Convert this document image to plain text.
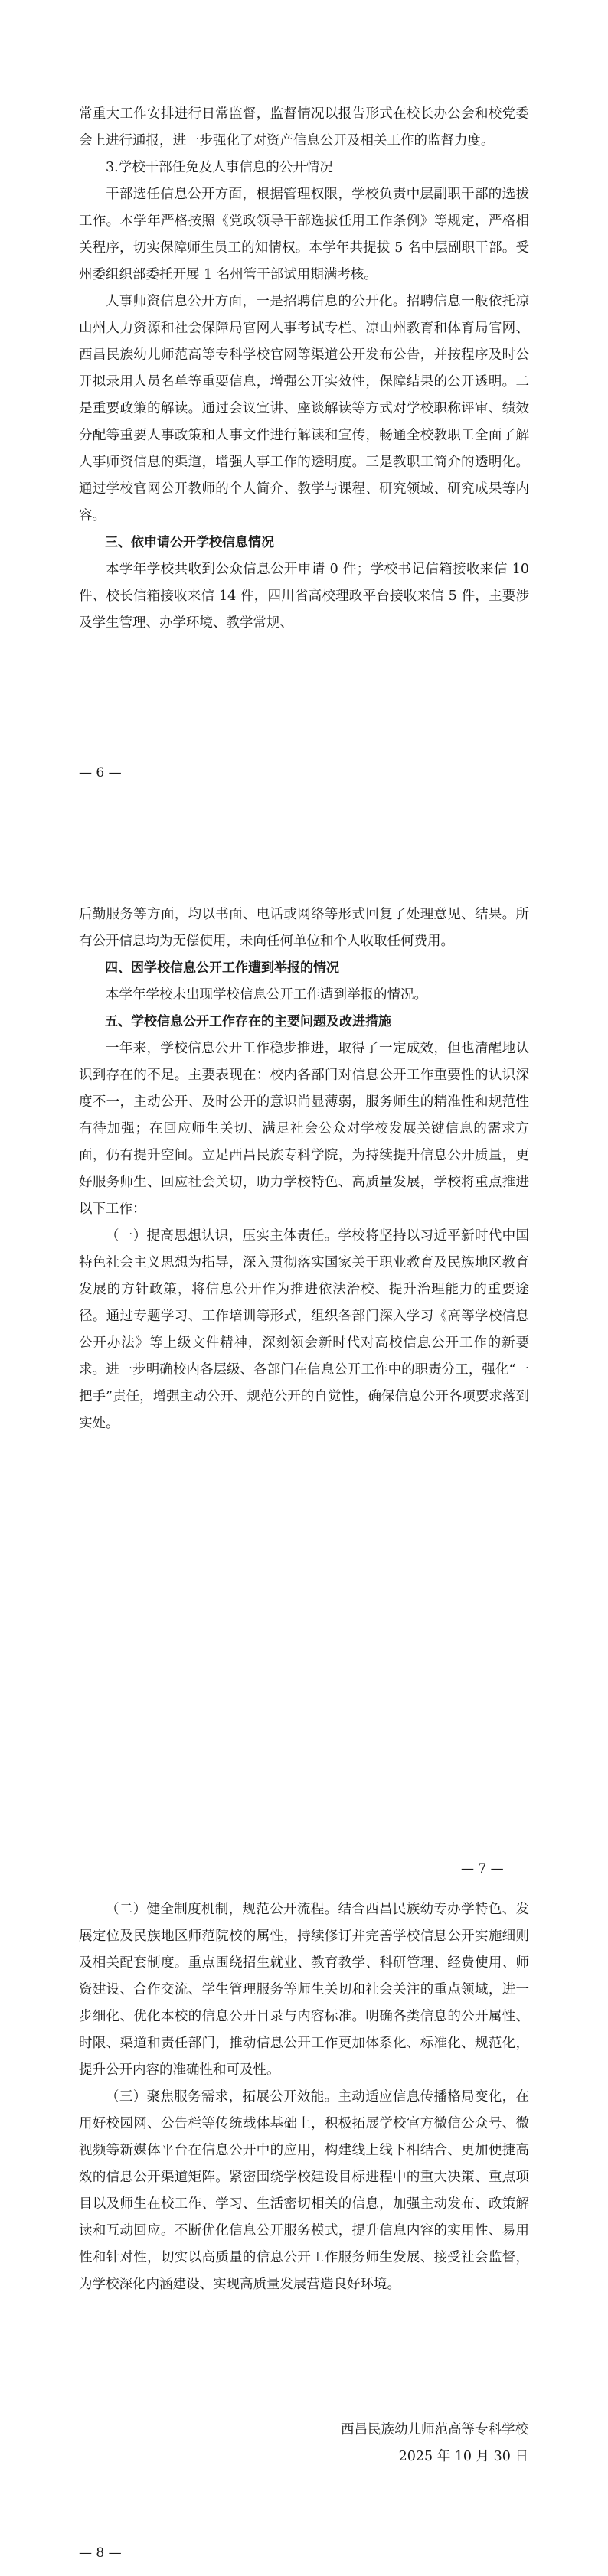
常重大工作安排进行日常监督，监督情况以报告形式在校长办公会和校党委会上进行通报，进一步强化了对资产信息公开及相关工作的监督力度。

3.学校干部任免及人事信息的公开情况

干部选任信息公开方面，根据管理权限，学校负责中层副职干部的选拔工作。本学年严格按照《党政领导干部选拔任用工作条例》等规定，严格相关程序，切实保障师生员工的知情权。本学年共提拔 5 名中层副职干部。受州委组织部委托开展 1 名州管干部试用期满考核。

人事师资信息公开方面，一是招聘信息的公开化。招聘信息一般依托凉山州人力资源和社会保障局官网人事考试专栏、凉山州教育和体育局官网、西昌民族幼儿师范高等专科学校官网等渠道公开发布公告，并按程序及时公开拟录用人员名单等重要信息，增强公开实效性，保障结果的公开透明。二是重要政策的解读。通过会议宣讲、座谈解读等方式对学校职称评审、绩效分配等重要人事政策和人事文件进行解读和宣传，畅通全校教职工全面了解人事师资信息的渠道，增强人事工作的透明度。三是教职工简介的透明化。通过学校官网公开教师的个人简介、教学与课程、研究领域、研究成果等内容。

三、依申请公开学校信息情况

本学年学校共收到公众信息公开申请 0 件；学校书记信箱接收来信 10 件、校长信箱接收来信 14 件，四川省高校理政平台接收来信 5 件，主要涉及学生管理、办学环境、教学常规、

— 6 —

后勤服务等方面，均以书面、电话或网络等形式回复了处理意见、结果。所有公开信息均为无偿使用，未向任何单位和个人收取任何费用。

四、因学校信息公开工作遭到举报的情况

本学年学校未出现学校信息公开工作遭到举报的情况。

五、学校信息公开工作存在的主要问题及改进措施

一年来，学校信息公开工作稳步推进，取得了一定成效，但也清醒地认识到存在的不足。主要表现在：校内各部门对信息公开工作重要性的认识深度不一，主动公开、及时公开的意识尚显薄弱，服务师生的精准性和规范性有待加强；在回应师生关切、满足社会公众对学校发展关键信息的需求方面，仍有提升空间。立足西昌民族专科学院，为持续提升信息公开质量，更好服务师生、回应社会关切，助力学校特色、高质量发展，学校将重点推进以下工作：

（一）提高思想认识，压实主体责任。学校将坚持以习近平新时代中国特色社会主义思想为指导，深入贯彻落实国家关于职业教育及民族地区教育发展的方针政策，将信息公开作为推进依法治校、提升治理能力的重要途径。通过专题学习、工作培训等形式，组织各部门深入学习《高等学校信息公开办法》等上级文件精神，深刻领会新时代对高校信息公开工作的新要求。进一步明确校内各层级、各部门在信息公开工作中的职责分工，强化“一把手”责任，增强主动公开、规范公开的自觉性，确保信息公开各项要求落到实处。

— 7 —

（二）健全制度机制，规范公开流程。结合西昌民族幼专办学特色、发展定位及民族地区师范院校的属性，持续修订并完善学校信息公开实施细则及相关配套制度。重点围绕招生就业、教育教学、科研管理、经费使用、师资建设、合作交流、学生管理服务等师生关切和社会关注的重点领域，进一步细化、优化本校的信息公开目录与内容标准。明确各类信息的公开属性、时限、渠道和责任部门，推动信息公开工作更加体系化、标准化、规范化，提升公开内容的准确性和可及性。

（三）聚焦服务需求，拓展公开效能。主动适应信息传播格局变化，在用好校园网、公告栏等传统载体基础上，积极拓展学校官方微信公众号、微视频等新媒体平台在信息公开中的应用，构建线上线下相结合、更加便捷高效的信息公开渠道矩阵。紧密围绕学校建设目标进程中的重大决策、重点项目以及师生在校工作、学习、生活密切相关的信息，加强主动发布、政策解读和互动回应。不断优化信息公开服务模式，提升信息内容的实用性、易用性和针对性，切实以高质量的信息公开工作服务师生发展、接受社会监督，为学校深化内涵建设、实现高质量发展营造良好环境。

西昌民族幼儿师范高等专科学校
2025 年 10 月 30 日
— 8 —
